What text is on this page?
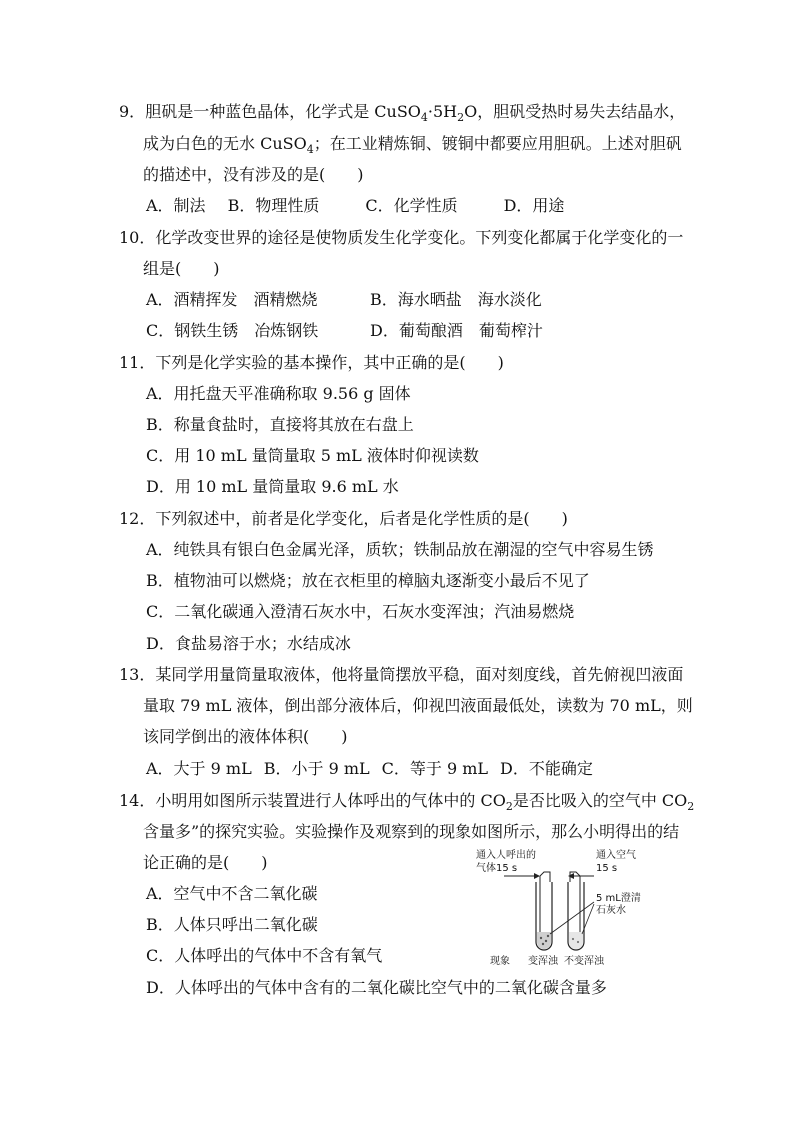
9．胆矾是一种蓝色晶体，化学式是 $CuSO_4\cdot 5H_2O$，胆矾受热时易失去结晶水，
成为白色的无水 CuSO$_4$；在工业精炼铜、镀铜中都要应用胆矾。上述对胆矾
的描述中，没有涉及的是(　　)
A．制法 B．物理性质	C．化学性质	D．用途
10．化学改变世界的途径是使物质发生化学变化。下列变化都属于化学变化的一
组是(　　)
A．酒精挥发　酒精燃烧	B．海水晒盐　海水淡化
C．钢铁生锈　冶炼钢铁	D．葡萄酿酒　葡萄榨汁
11．下列是化学实验的基本操作，其中正确的是(　　)
A．用托盘天平准确称取 9.56 g 固体
B．称量食盐时，直接将其放在右盘上
C．用 10 mL 量筒量取 5 mL 液体时仰视读数
D．用 10 mL 量筒量取 9.6 mL 水
12．下列叙述中，前者是化学变化，后者是化学性质的是(　　)
A．纯铁具有银白色金属光泽，质软；铁制品放在潮湿的空气中容易生锈
B．植物油可以燃烧；放在衣柜里的樟脑丸逐渐变小最后不见了
C．二氧化碳通入澄清石灰水中，石灰水变浑浊；汽油易燃烧
D．食盐易溶于水；水结成冰
13．某同学用量筒量取液体，他将量筒摆放平稳，面对刻度线，首先俯视凹液面
量取 79 mL 液体，倒出部分液体后，仰视凹液面最低处，读数为 70 mL，则
该同学倒出的液体体积(　　)
A．大于 9 mL B．小于 9 mL C．等于 9 mL D．不能确定
14．小明用如图所示装置进行人体呼出的气体中的 $CO_2$是否比吸入的空气中 $CO_2$
含量多”的探究实验。实验操作及观察到的现象如图所示，那么小明得出的结
论正确的是(　　)
A．空气中不含二氧化碳
B．人体只呼出二氧化碳
C．人体呼出的气体中不含有氧气
D．人体呼出的气体中含有的二氧化碳比空气中的二氧化碳含量多
通入人呼出的
气体15 s
通入空气
15 s
5 mL澄清
石灰水
现象 变浑浊 不变浑浊
